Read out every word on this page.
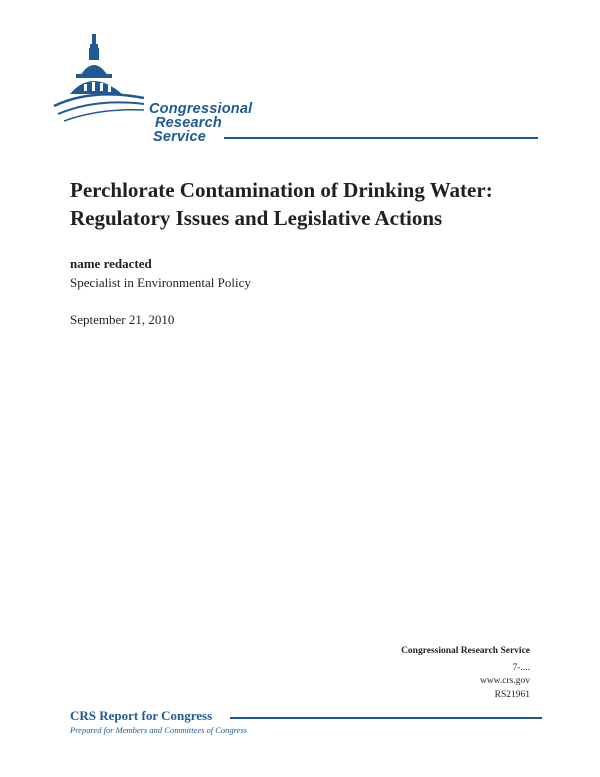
Congressional
Research
Service
Perchlorate Contamination of Drinking Water: Regulatory Issues and Legislative Actions
name redacted
Specialist in Environmental Policy
September 21, 2010
Congressional Research Service
7-....
www.crs.gov
RS21961
CRS Report for Congress
Prepared for Members and Committees of Congress
